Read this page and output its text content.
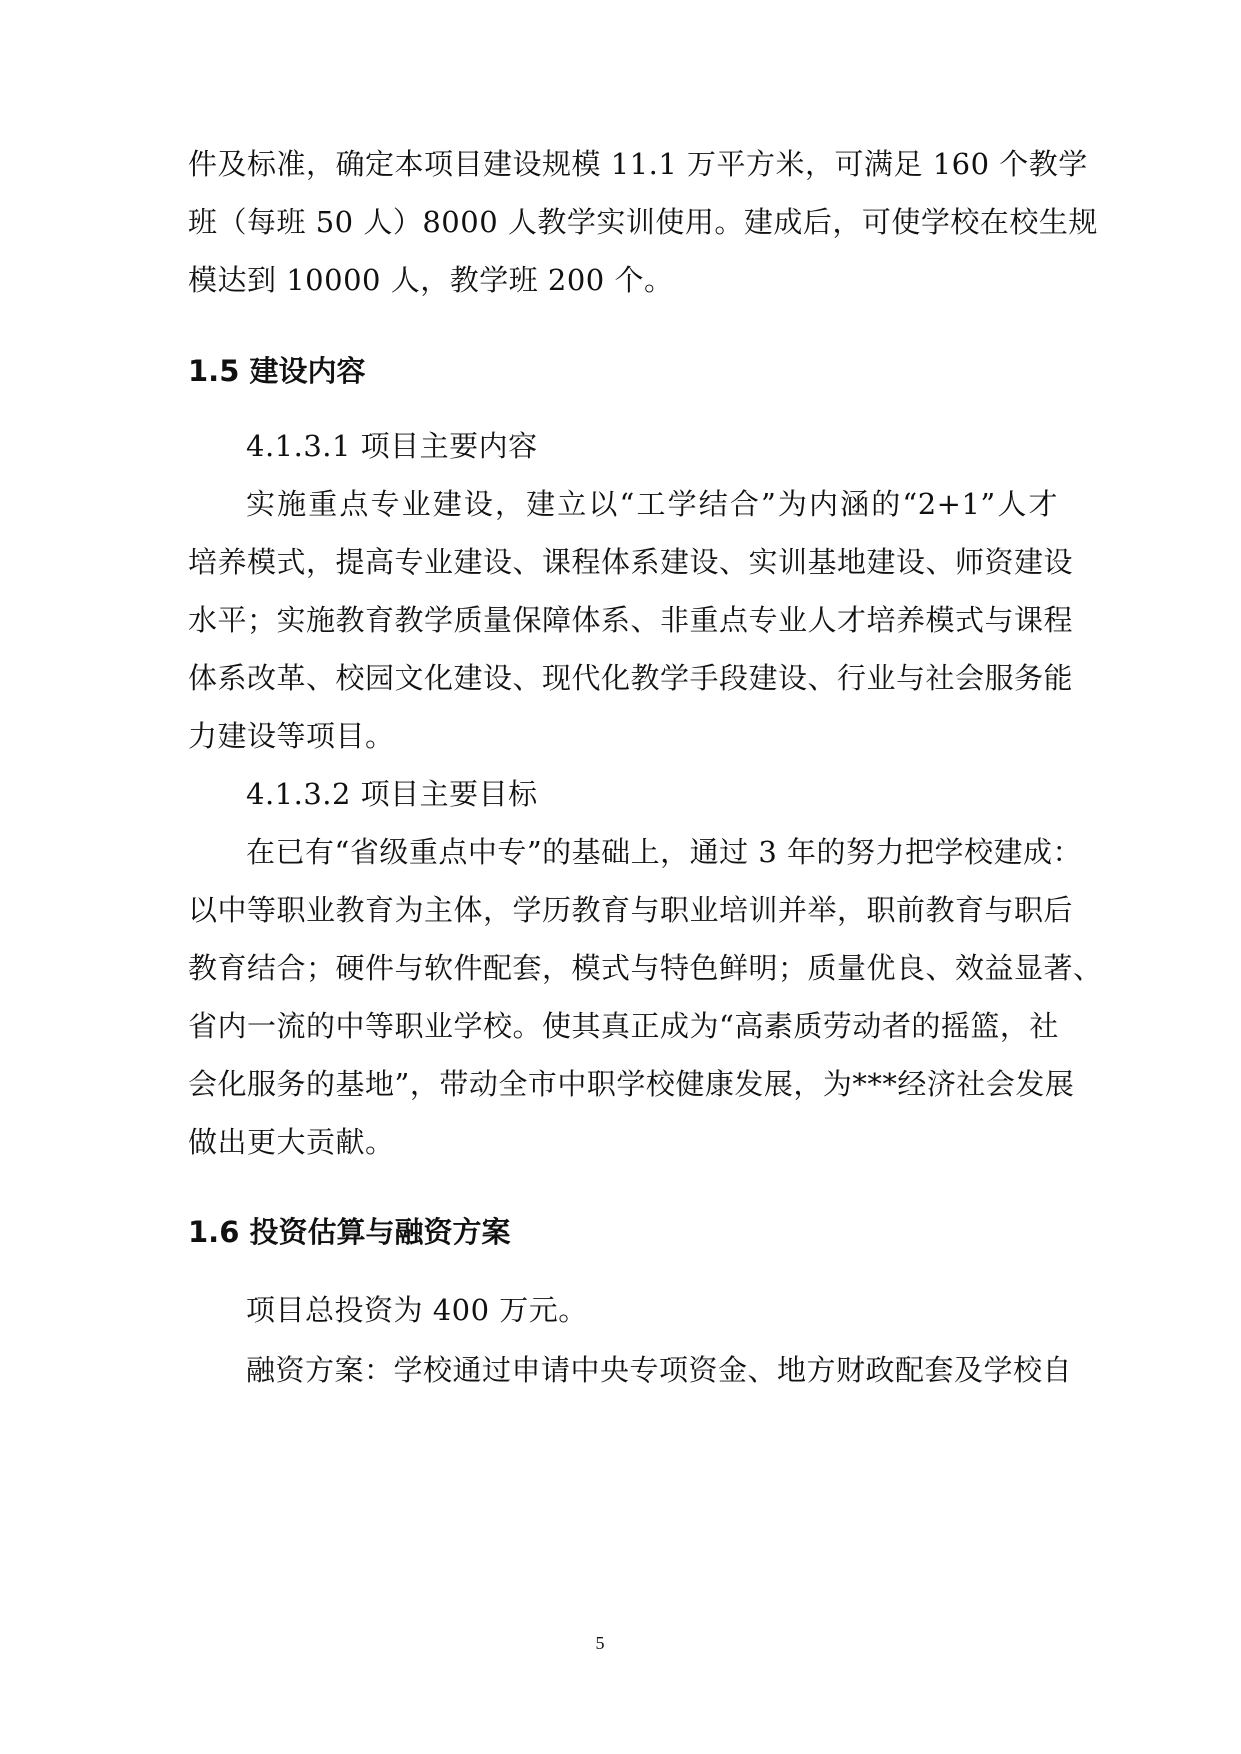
件及标准，确定本项目建设规模 11.1 万平方米，可满足 160 个教学
班（每班 50 人）8000 人教学实训使用。建成后，可使学校在校生规
模达到 10000 人，教学班 200 个。
1.5 建设内容
4.1.3.1 项目主要内容
实施重点专业建设，建立以“工学结合”为内涵的“2+1”人才
培养模式，提高专业建设、课程体系建设、实训基地建设、师资建设
水平；实施教育教学质量保障体系、非重点专业人才培养模式与课程
体系改革、校园文化建设、现代化教学手段建设、行业与社会服务能
力建设等项目。
4.1.3.2 项目主要目标
在已有“省级重点中专”的基础上，通过 3 年的努力把学校建成：
以中等职业教育为主体，学历教育与职业培训并举，职前教育与职后
教育结合；硬件与软件配套，模式与特色鲜明；质量优良、效益显著、
省内一流的中等职业学校。使其真正成为“高素质劳动者的摇篮，社
会化服务的基地”，带动全市中职学校健康发展，为***经济社会发展
做出更大贡献。
1.6 投资估算与融资方案
项目总投资为 400 万元。
融资方案：学校通过申请中央专项资金、地方财政配套及学校自
5
